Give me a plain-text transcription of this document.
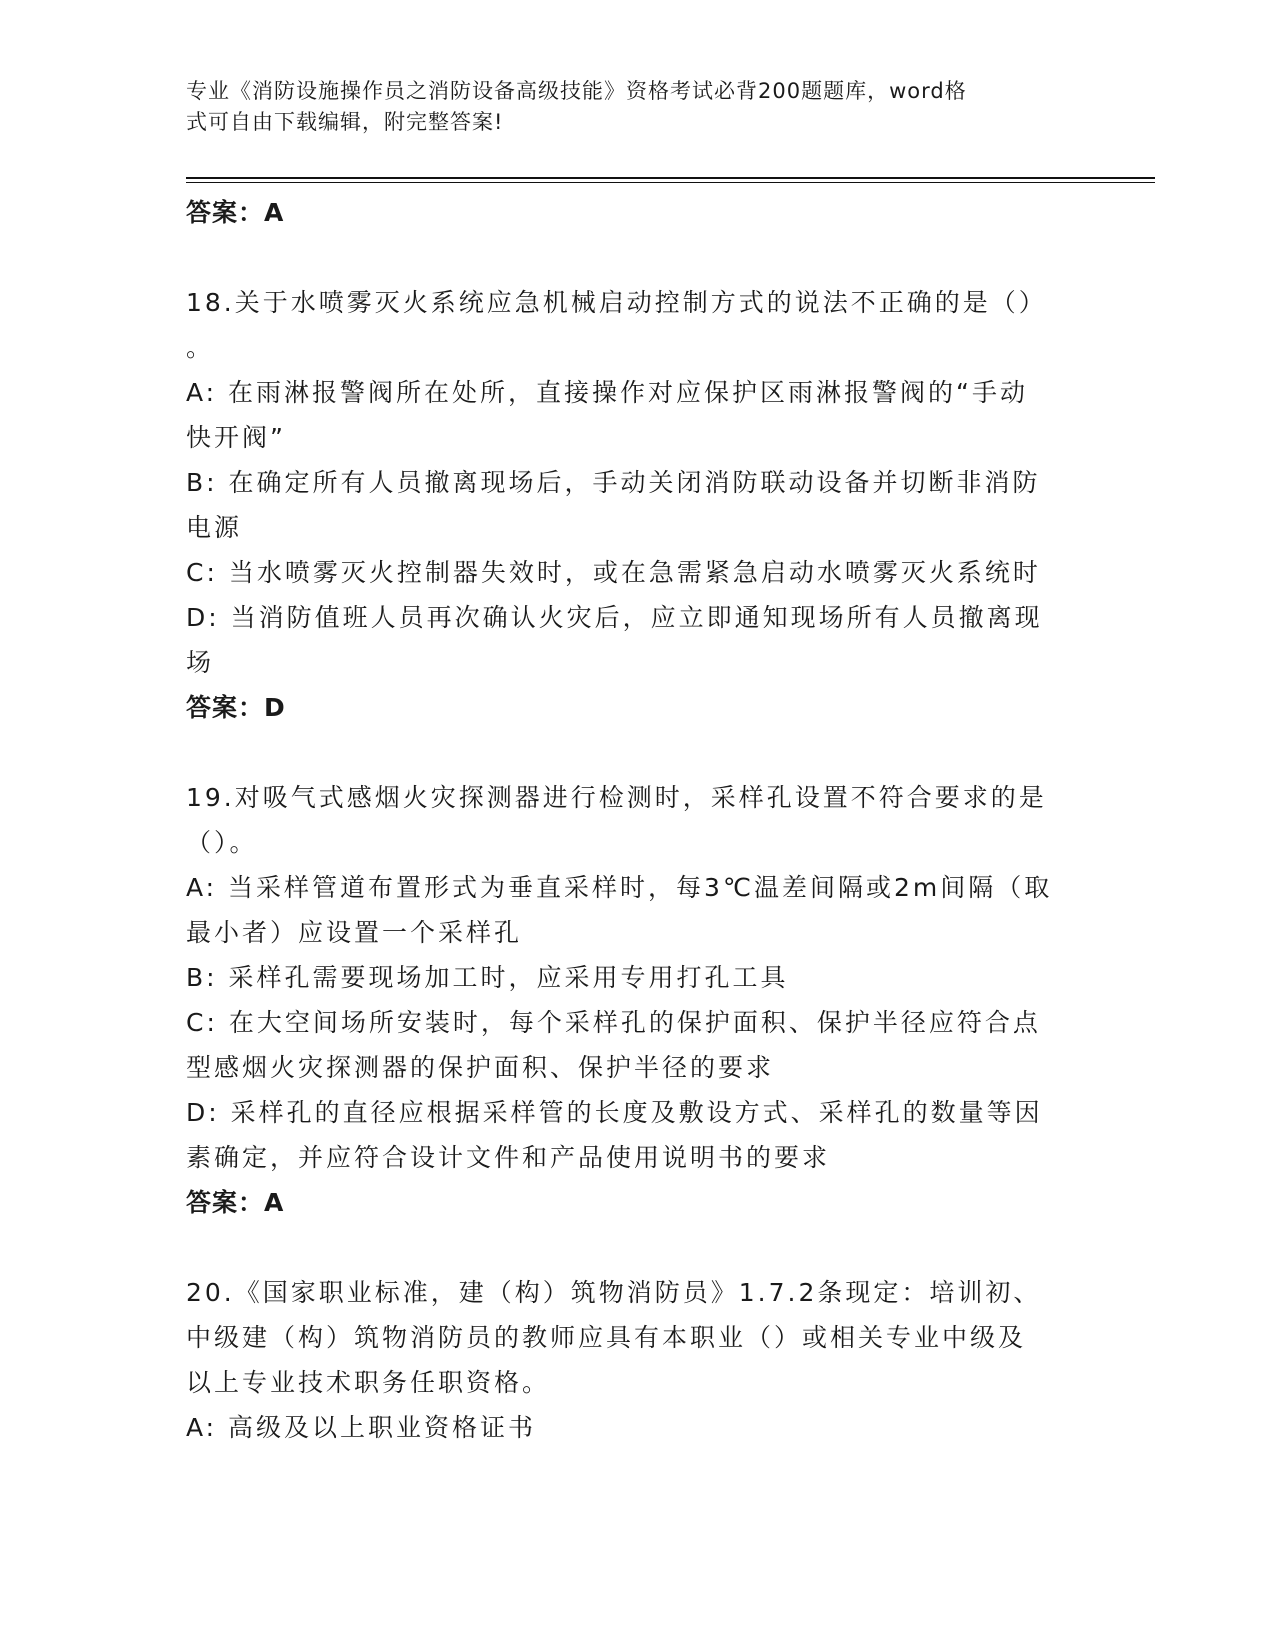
专业《消防设施操作员之消防设备高级技能》资格考试必背200题题库，word格
式可自由下载编辑，附完整答案!
答案：A
18.关于水喷雾灭火系统应急机械启动控制方式的说法不正确的是（）
。
A: 在雨淋报警阀所在处所，直接操作对应保护区雨淋报警阀的“手动
快开阀”
B: 在确定所有人员撤离现场后，手动关闭消防联动设备并切断非消防
电源
C: 当水喷雾灭火控制器失效时，或在急需紧急启动水喷雾灭火系统时
D: 当消防值班人员再次确认火灾后，应立即通知现场所有人员撤离现
场
答案：D
19.对吸气式感烟火灾探测器进行检测时，采样孔设置不符合要求的是
（）。
A: 当采样管道布置形式为垂直采样时，每3℃温差间隔或2m间隔（取
最小者）应设置一个采样孔
B: 采样孔需要现场加工时，应采用专用打孔工具
C: 在大空间场所安装时，每个采样孔的保护面积、保护半径应符合点
型感烟火灾探测器的保护面积、保护半径的要求
D: 采样孔的直径应根据采样管的长度及敷设方式、采样孔的数量等因
素确定，并应符合设计文件和产品使用说明书的要求
答案：A
20.《国家职业标准，建（构）筑物消防员》1.7.2条现定：培训初、
中级建（构）筑物消防员的教师应具有本职业（）或相关专业中级及
以上专业技术职务任职资格。
A: 高级及以上职业资格证书
